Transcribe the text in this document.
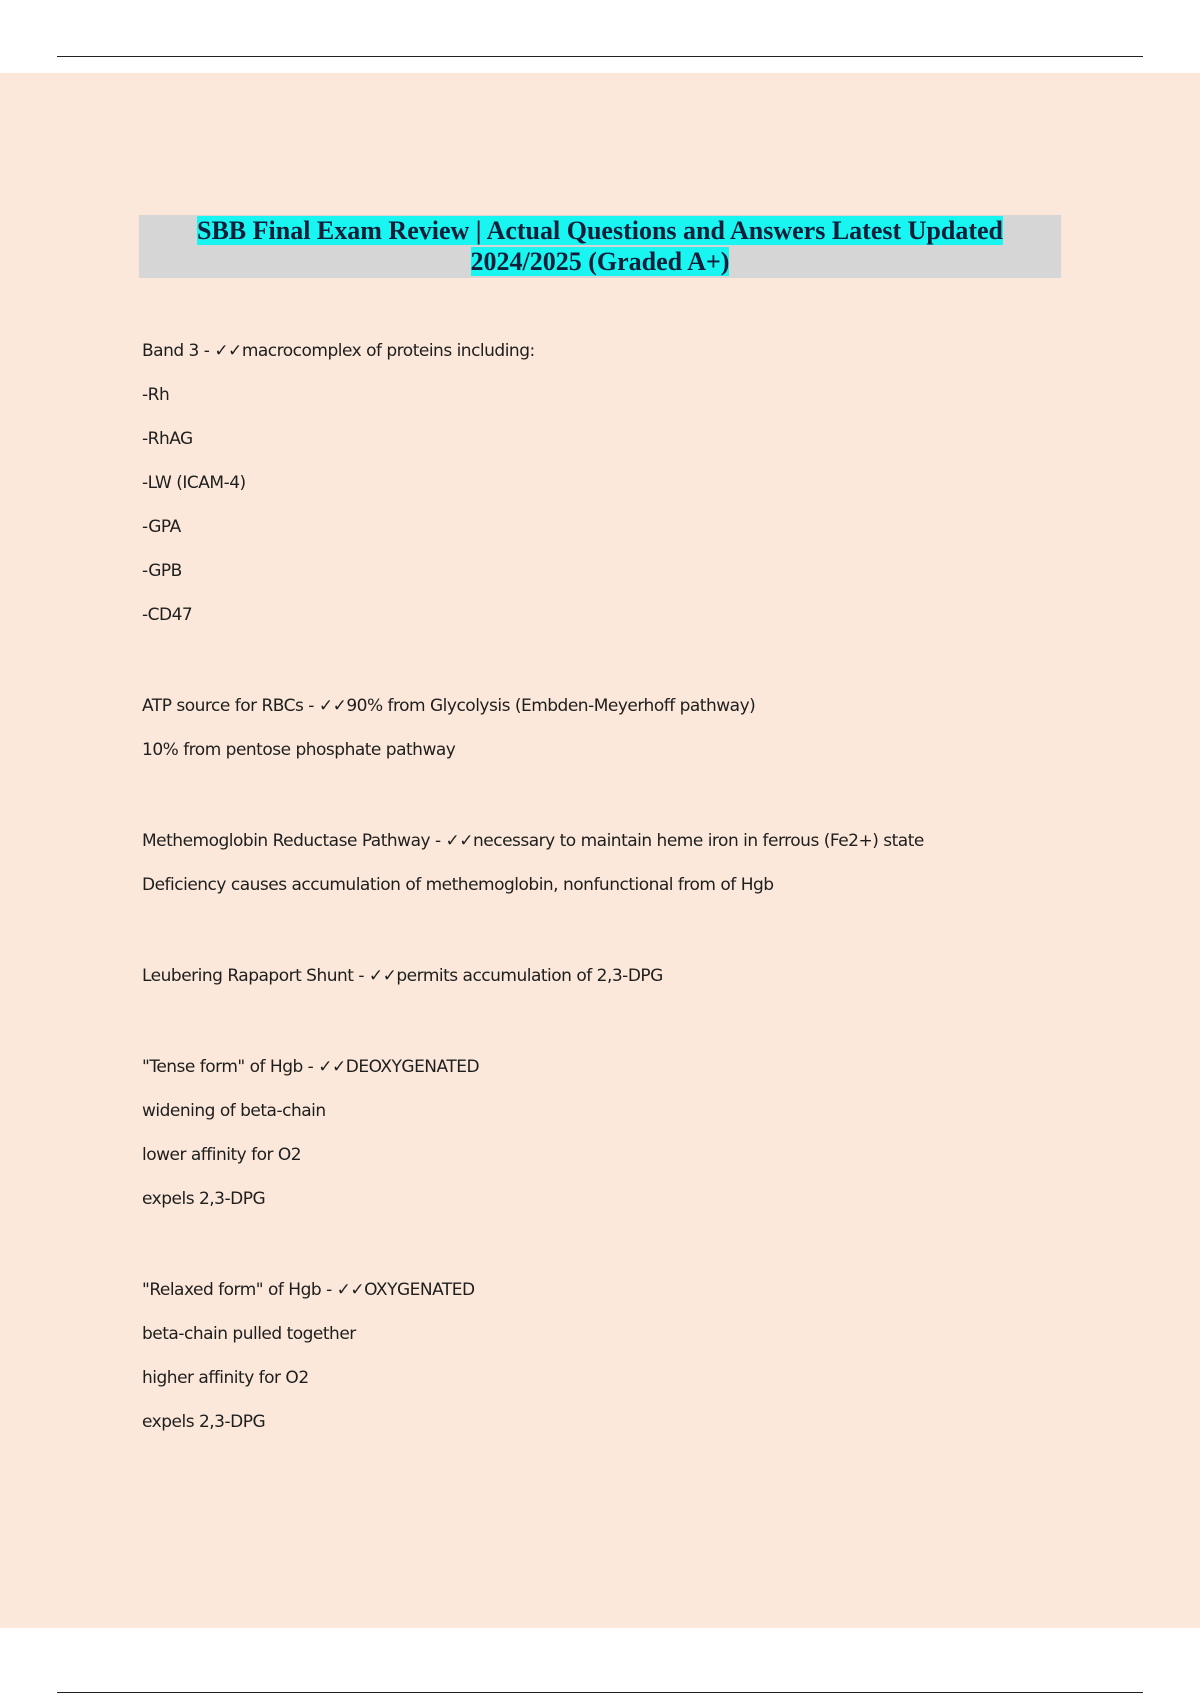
SBB Final Exam Review | Actual Questions and Answers Latest Updated
2024/2025 (Graded A+)
Band 3 - ✓✓macrocomplex of proteins including:
-Rh
-RhAG
-LW (ICAM-4)
-GPA
-GPB
-CD47
ATP source for RBCs - ✓✓90% from Glycolysis (Embden-Meyerhoff pathway)
10% from pentose phosphate pathway
Methemoglobin Reductase Pathway - ✓✓necessary to maintain heme iron in ferrous (Fe2+) state
Deficiency causes accumulation of methemoglobin, nonfunctional from of Hgb
Leubering Rapaport Shunt - ✓✓permits accumulation of 2,3-DPG
"Tense form" of Hgb - ✓✓DEOXYGENATED
widening of beta-chain
lower affinity for O2
expels 2,3-DPG
"Relaxed form" of Hgb - ✓✓OXYGENATED
beta-chain pulled together
higher affinity for O2
expels 2,3-DPG
